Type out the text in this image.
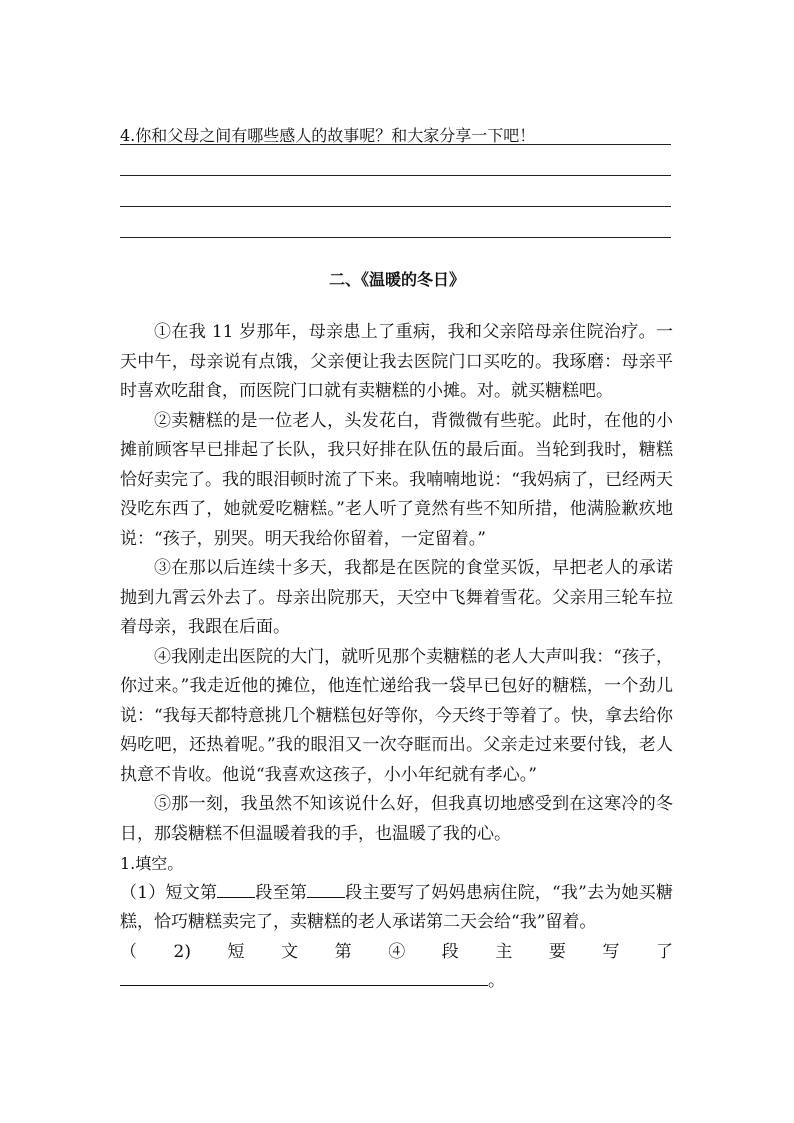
4.你和父母之间有哪些感人的故事呢？和大家分享一下吧！
二、《温暖的冬日》

①在我 11 岁那年，母亲患上了重病，我和父亲陪母亲住院治疗。一天中午，母亲说有点饿，父亲便让我去医院门口买吃的。我琢磨：母亲平时喜欢吃甜食，而医院门口就有卖糖糕的小摊。对。就买糖糕吧。

②卖糖糕的是一位老人，头发花白，背微微有些驼。此时，在他的小摊前顾客早已排起了长队，我只好排在队伍的最后面。当轮到我时，糖糕恰好卖完了。我的眼泪顿时流了下来。我喃喃地说：“我妈病了，已经两天没吃东西了，她就爱吃糖糕。”老人听了竟然有些不知所措，他满脸歉疚地说：“孩子，别哭。明天我给你留着，一定留着。”

③在那以后连续十多天，我都是在医院的食堂买饭，早把老人的承诺抛到九霄云外去了。母亲出院那天，天空中飞舞着雪花。父亲用三轮车拉着母亲，我跟在后面。

④我刚走出医院的大门，就听见那个卖糖糕的老人大声叫我：“孩子，你过来。”我走近他的摊位，他连忙递给我一袋早已包好的糖糕，一个劲儿说：“我每天都特意挑几个糖糕包好等你，今天终于等着了。快，拿去给你妈吃吧，还热着呢。”我的眼泪又一次夺眶而出。父亲走过来要付钱，老人执意不肯收。他说“我喜欢这孩子，小小年纪就有孝心。”

⑤那一刻，我虽然不知该说什么好，但我真切地感受到在这寒冷的冬日，那袋糖糕不但温暖着我的手，也温暖了我的心。

1.填空。

（1）短文第 段至第 段主要写了妈妈患病住院，“我”去为她买糖糕，恰巧糖糕卖完了，卖糖糕的老人承诺第二天会给“我”留着。

（2)短文第④段主要写了。
